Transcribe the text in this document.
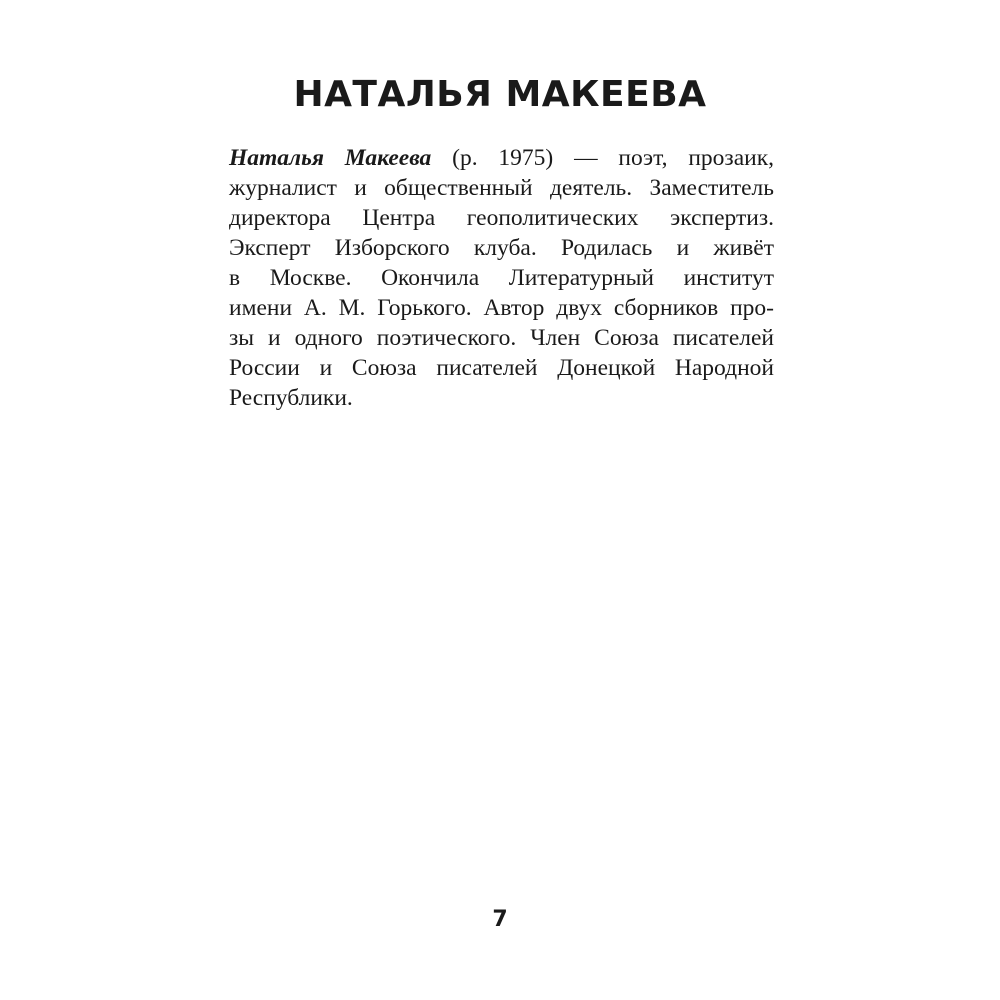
НАТАЛЬЯ МАКЕЕВА
Наталья Макеева (р. 1975) — поэт, прозаик,
журналист и общественный деятель. Заместитель
директора Центра геополитических экспертиз.
Эксперт Изборского клуба. Родилась и живёт
в Москве. Окончила Литературный институт
имени А. М. Горького. Автор двух сборников про-
зы и одного поэтического. Член Союза писателей
России и Союза писателей Донецкой Народной
Республики.
7
